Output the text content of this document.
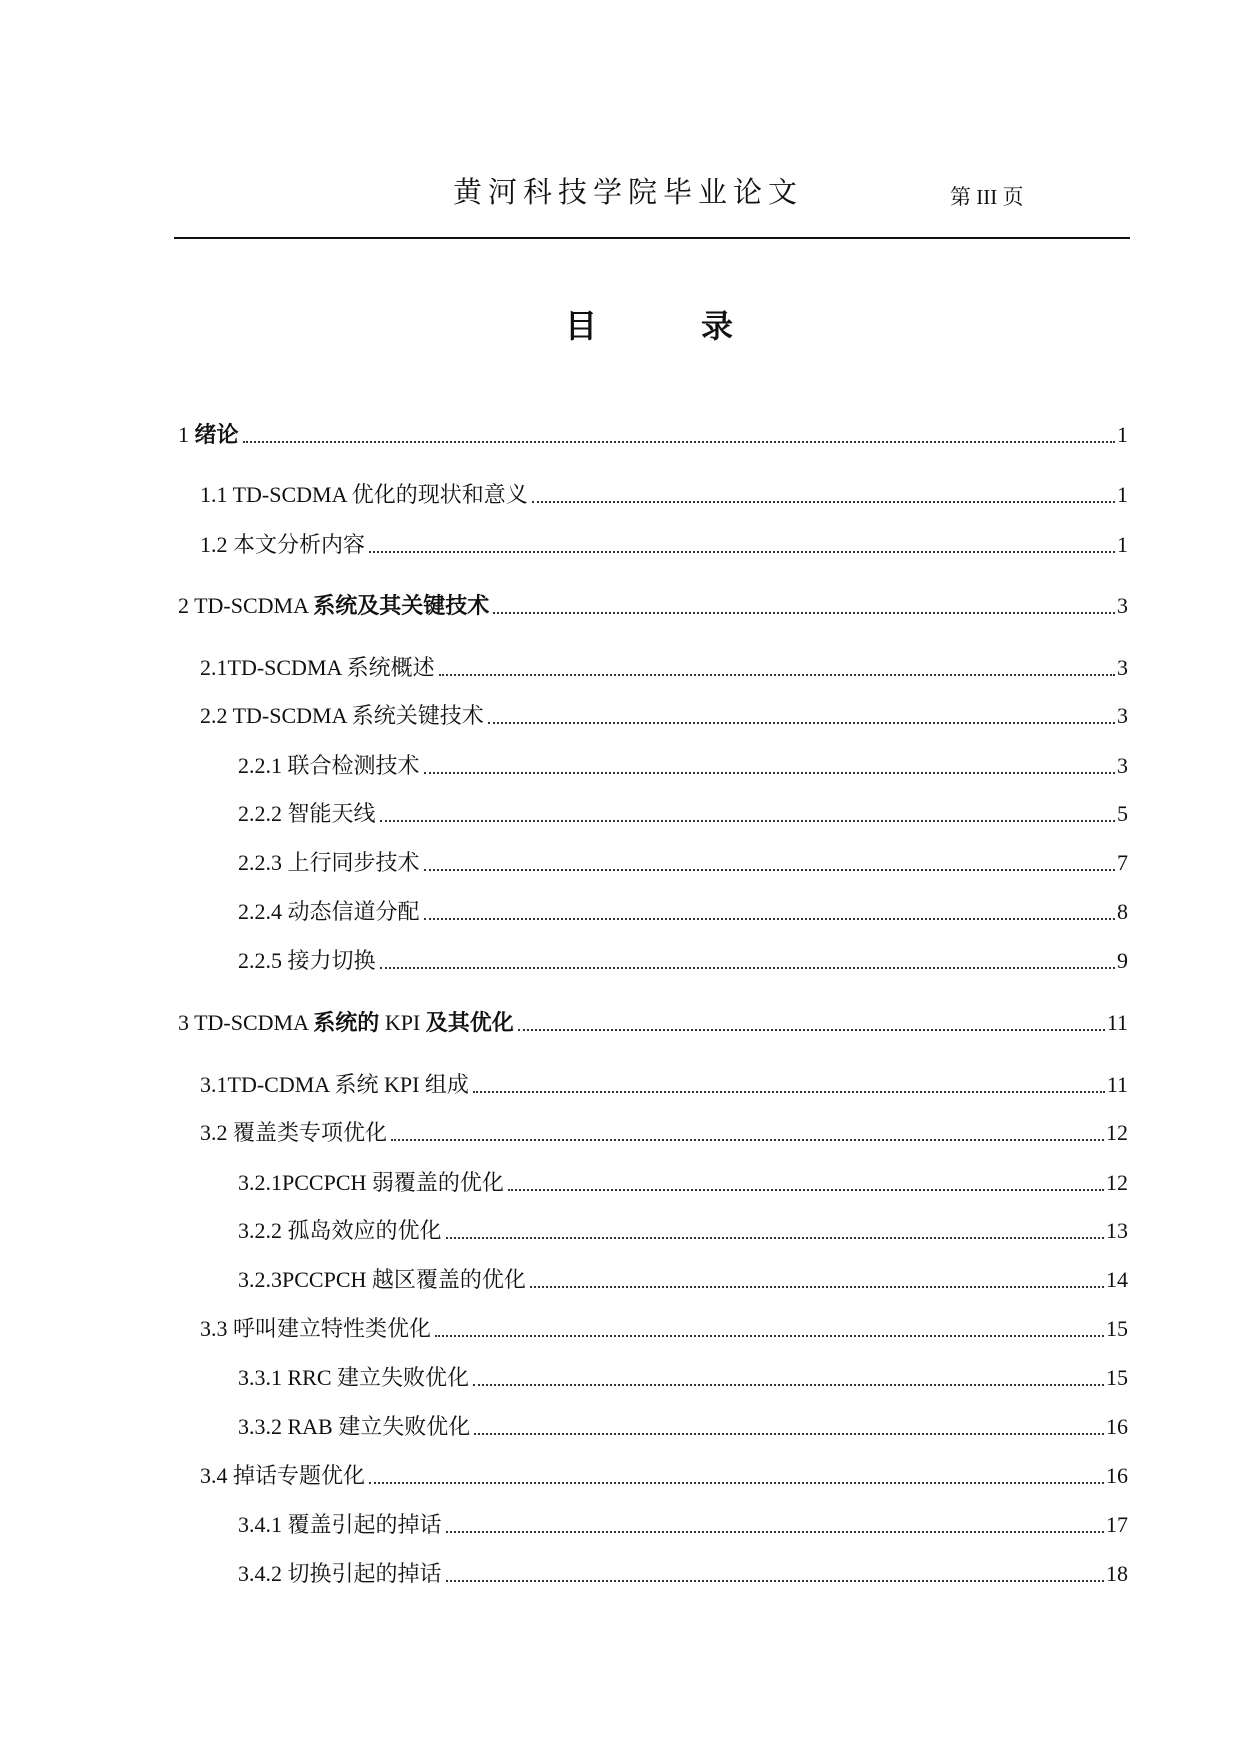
黄河科技学院毕业论文	第 III 页
目	录
1 绪论	1
1.1 TD-SCDMA 优化的现状和意义	1
1.2 本文分析内容	1
2 TD-SCDMA 系统及其关键技术	3
2.1TD-SCDMA 系统概述	3
2.2 TD-SCDMA 系统关键技术	3
2.2.1 联合检测技术	3
2.2.2 智能天线	5
2.2.3 上行同步技术	7
2.2.4 动态信道分配	8
2.2.5 接力切换	9
3 TD-SCDMA 系统的 KPI 及其优化	11
3.1TD-CDMA 系统 KPI 组成	11
3.2 覆盖类专项优化	12
3.2.1PCCPCH 弱覆盖的优化	12
3.2.2 孤岛效应的优化	13
3.2.3PCCPCH 越区覆盖的优化	14
3.3 呼叫建立特性类优化	15
3.3.1 RRC 建立失败优化	15
3.3.2 RAB 建立失败优化	16
3.4 掉话专题优化	16
3.4.1 覆盖引起的掉话	17
3.4.2 切换引起的掉话	18
